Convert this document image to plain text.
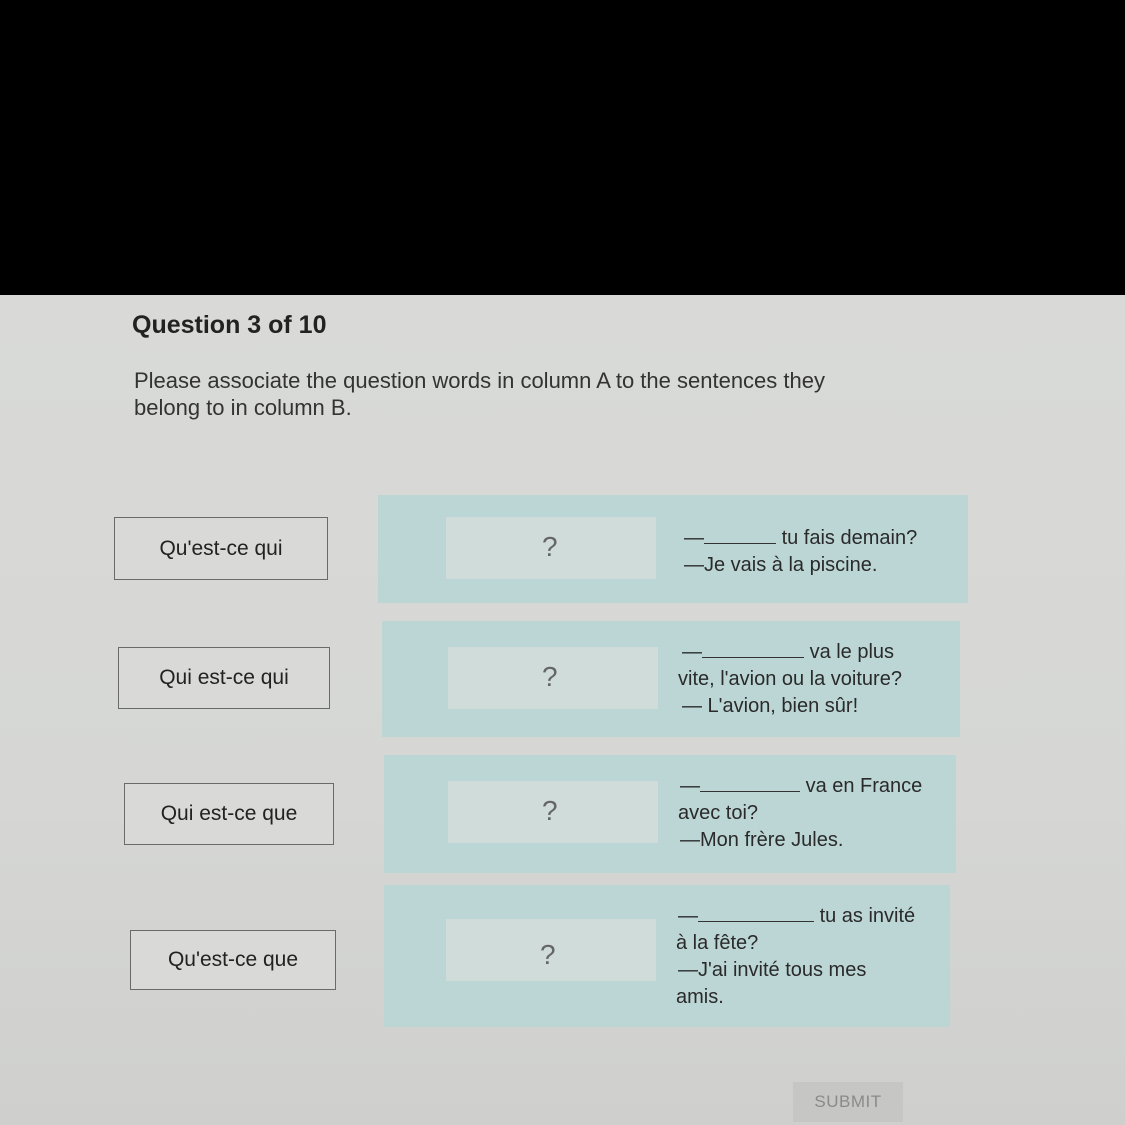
Question 3 of 10
Please associate the question words in column A to the sentences they belong to in column B.
Qu'est-ce qui	?	—	tu fais demain?
—Je vais à la piscine.
Qui est-ce qui	?
—	va le plus
vite, l'avion ou la voiture?
— L'avion, bien sûr!
Qui est-ce que	?
—	va en France
avec toi?
—Mon frère Jules.
Qu'est-ce que	?
—	tu as invité
à la fête?
—J'ai invité tous mes
amis.
SUBMIT
